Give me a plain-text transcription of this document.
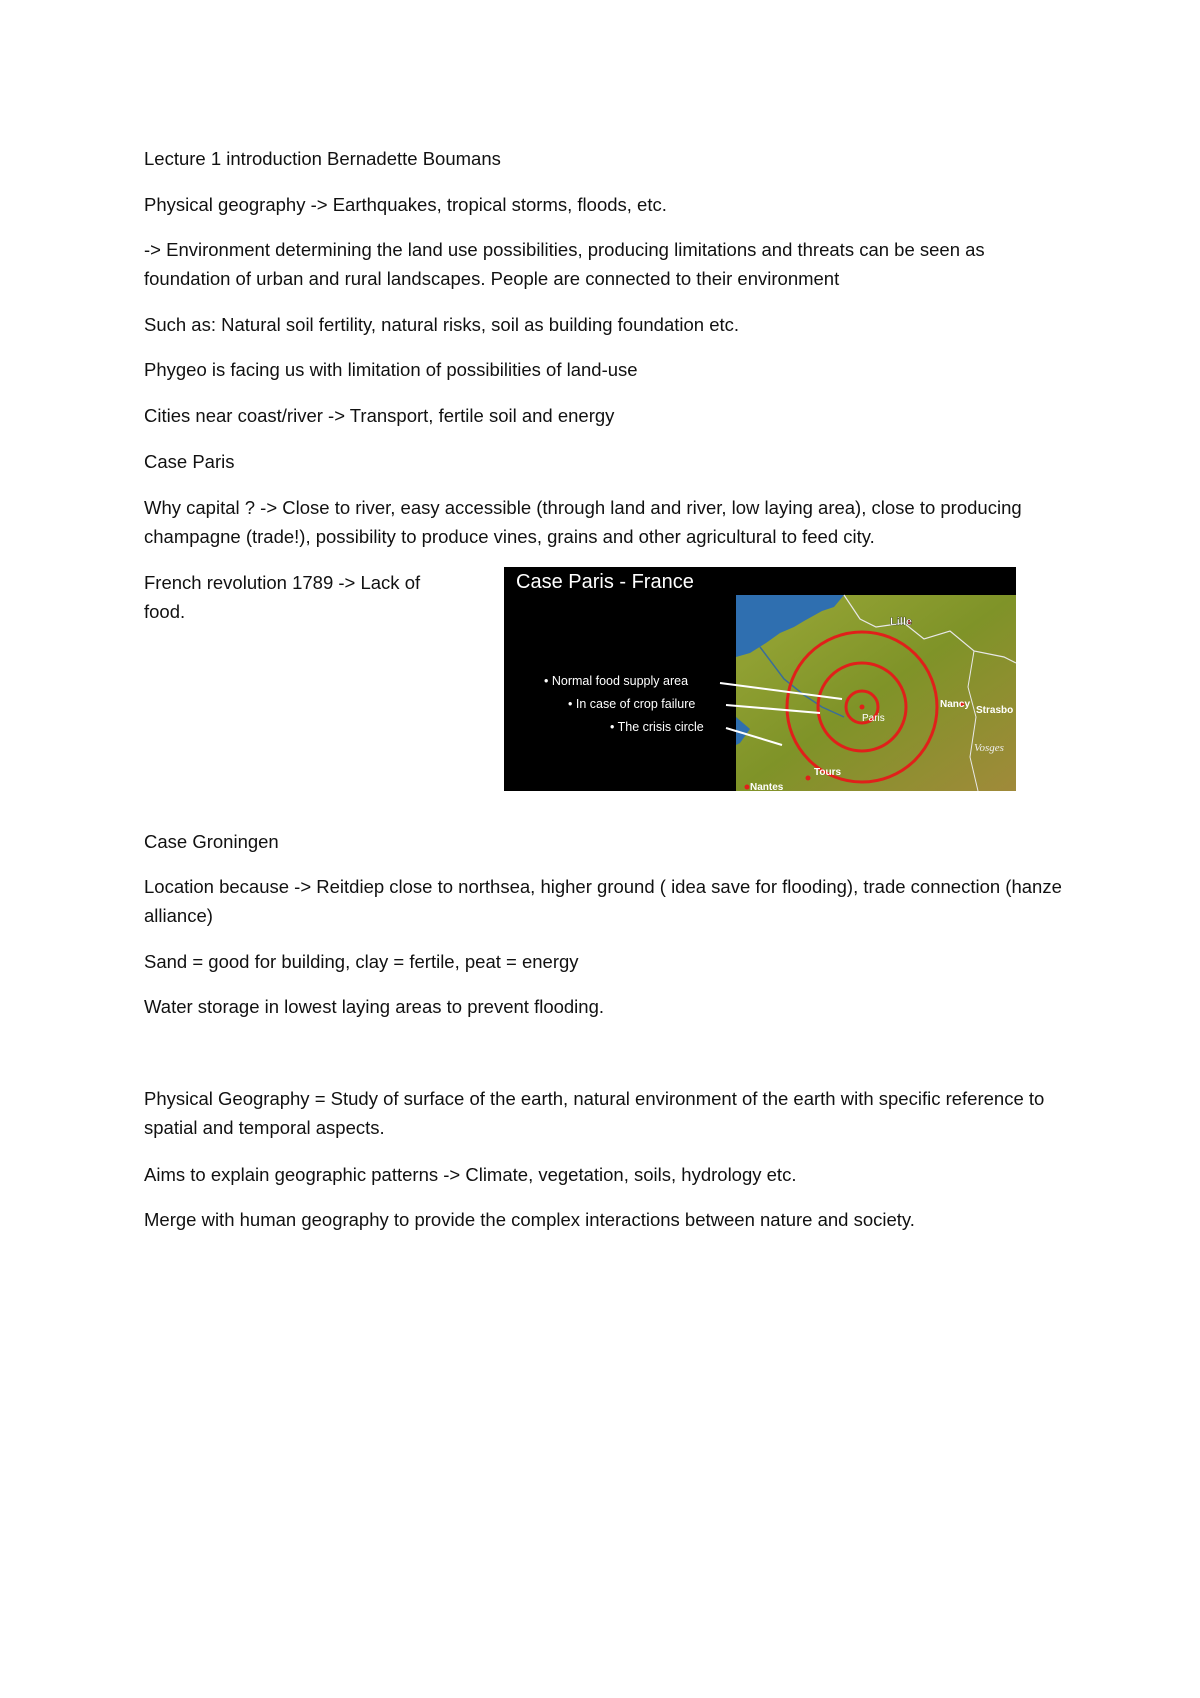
Lecture 1 introduction Bernadette Boumans

Physical geography -> Earthquakes, tropical storms, floods, etc.

-> Environment determining the land use possibilities, producing limitations and threats can be seen as foundation of urban and rural landscapes. People are connected to their environment

Such as: Natural soil fertility, natural risks, soil as building foundation etc.

Phygeo is facing us with limitation of possibilities of land-use

Cities near coast/river -> Transport, fertile soil and energy

Case Paris

Why capital ? -> Close to river, easy accessible (through land and river, low laying area), close to producing champagne (trade!), possibility to produce vines, grains and other agricultural to feed city.

French revolution 1789 -> Lack of food.

Case Paris - France
• Normal food supply area
• In case of crop failure
• The crisis circle
Lille
Paris
Nancy
Strasbo
Vosges
Tours
Nantes

Case Groningen

Location because -> Reitdiep close to northsea, higher ground ( idea save for flooding), trade connection (hanze alliance)

Sand = good for building, clay = fertile, peat = energy

Water storage in lowest laying areas to prevent flooding.

Physical Geography = Study of surface of the earth, natural environment of the earth with specific reference to spatial and temporal aspects.

Aims to explain geographic patterns -> Climate, vegetation, soils, hydrology etc.

Merge with human geography to provide the complex interactions between nature and society.
